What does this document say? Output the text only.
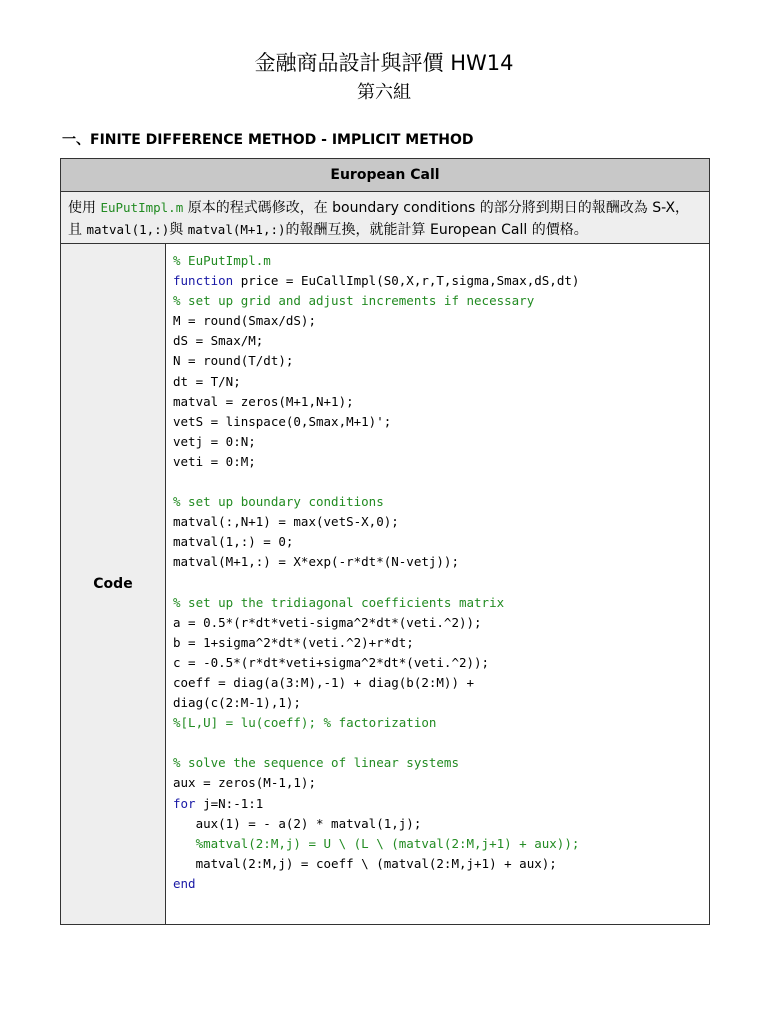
金融商品設計與評價 HW14
第六組
一、FINITE DIFFERENCE METHOD - IMPLICIT METHOD
European Call
使用 EuPutImpl.m 原本的程式碼修改，在 boundary conditions 的部分將到期日的報酬改為 S-X，且 matval(1,:)與 matval(M+1,:)的報酬互換，就能計算 European Call 的價格。
Code
% EuPutImpl.m
function price = EuCallImpl(S0,X,r,T,sigma,Smax,dS,dt)
% set up grid and adjust increments if necessary
M = round(Smax/dS);
dS = Smax/M;
N = round(T/dt);
dt = T/N;
matval = zeros(M+1,N+1);
vetS = linspace(0,Smax,M+1)';
vetj = 0:N;
veti = 0:M;
% set up boundary conditions
matval(:,N+1) = max(vetS-X,0);
matval(1,:) = 0;
matval(M+1,:) = X*exp(-r*dt*(N-vetj));
% set up the tridiagonal coefficients matrix
a = 0.5*(r*dt*veti-sigma^2*dt*(veti.^2));
b = 1+sigma^2*dt*(veti.^2)+r*dt;
c = -0.5*(r*dt*veti+sigma^2*dt*(veti.^2));
coeff = diag(a(3:M),-1) + diag(b(2:M)) +
diag(c(2:M-1),1);
%[L,U] = lu(coeff); % factorization
% solve the sequence of linear systems
aux = zeros(M-1,1);
for j=N:-1:1
aux(1) = - a(2) * matval(1,j);
%matval(2:M,j) = U \ (L \ (matval(2:M,j+1) + aux));
matval(2:M,j) = coeff \ (matval(2:M,j+1) + aux);
end
